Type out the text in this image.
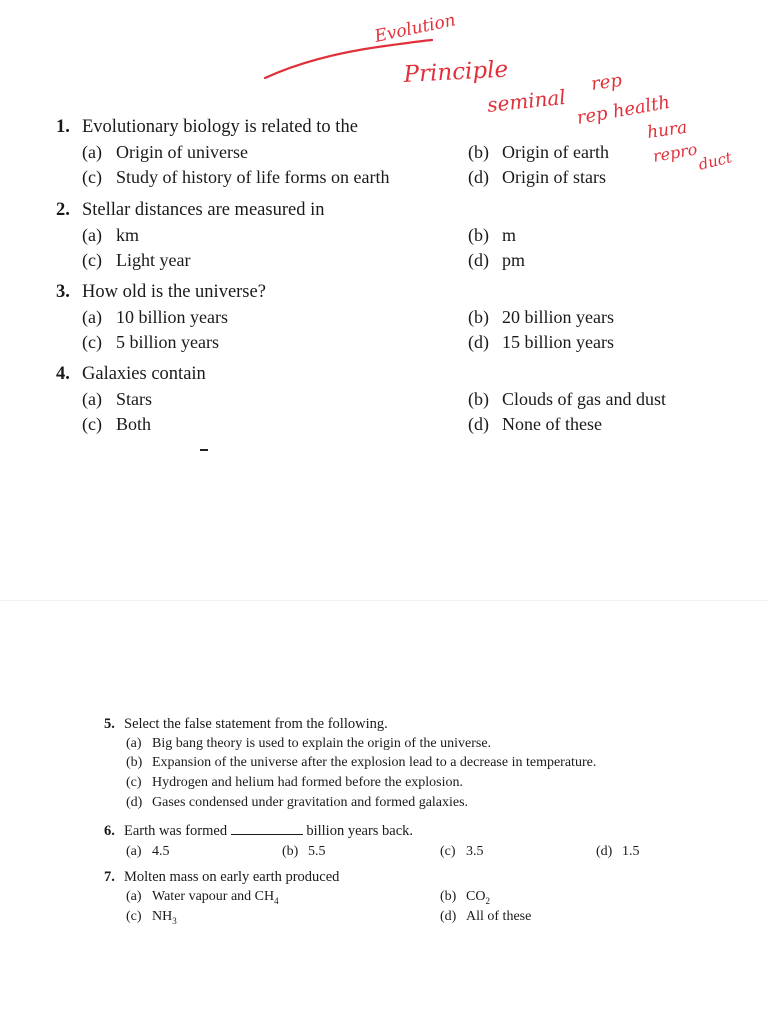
1. Evolutionary biology is related to the
(a) Origin of universe	(b) Origin of earth
(c) Study of history of life forms on earth	(d) Origin of stars
2. Stellar distances are measured in
(a) km	(b) m
(c) Light year	(d) pm
3. How old is the universe?
(a) 10 billion years	(b) 20 billion years
(c) 5 billion years	(d) 15 billion years
4. Galaxies contain
(a) Stars	(b) Clouds of gas and dust
(c) Both	(d) None of these
Evolution
Principle
seminal
rep
rep health
hura
repro
duct
5. Select the false statement from the following.
(a) Big bang theory is used to explain the origin of the universe.
(b) Expansion of the universe after the explosion lead to a decrease in temperature.
(c) Hydrogen and helium had formed before the explosion.
(d) Gases condensed under gravitation and formed galaxies.
6. Earth was formed	billion years back.
(a) 4.5	(b) 5.5	(c) 3.5	(d) 1.5
7. Molten mass on early earth produced
(a) Water vapour and $CH_4$	(b) $CO_2$
(c) $NH_3$	(d) All of these
